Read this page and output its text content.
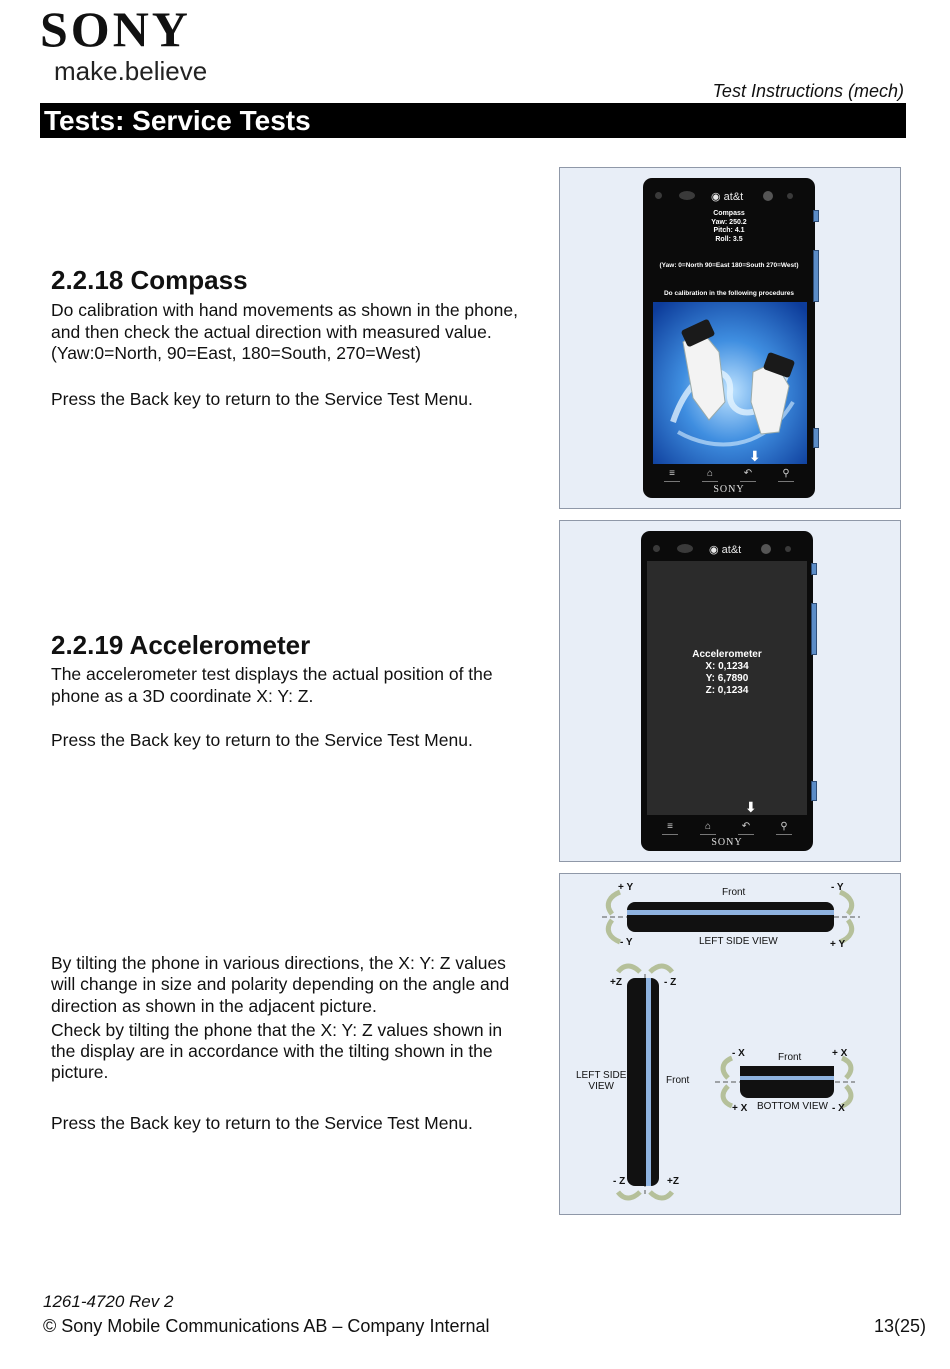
SONY
make.believe
Test Instructions (mech)
Tests: Service Tests
2.2.18 Compass
Do calibration with hand movements as shown in the phone,
and then check the actual direction with measured value.
(Yaw:0=North, 90=East, 180=South, 270=West)
Press the Back key to return to the Service Test Menu.
◉ at&t
Compass
Yaw: 250.2
Pitch: 4.1
Roll: 3.5
(Yaw: 0=North 90=East 180=South 270=West)
Do calibration in the following procedures
⬇
≡	⌂	↶	⚲
SONY
2.2.19 Accelerometer
The accelerometer test displays the actual position of the
phone as a 3D coordinate X: Y: Z.
Press the Back key to return to the Service Test Menu.
◉ at&t
Accelerometer
X: 0,1234
Y: 6,7890
Z: 0,1234
⬇
≡	⌂	↶	⚲
SONY
By tilting the phone in various directions, the X: Y: Z values
will change in size and polarity depending on the angle and
direction as shown in the adjacent picture.
Check by tilting the phone that the X: Y: Z values shown in
the display are in accordance with the tilting shown in the
picture.
Press the Back key to return to the Service Test Menu.
Front
+ Y	- Y
- Y	+ Y
LEFT SIDE VIEW
+Z	- Z
LEFT SIDE
VIEW
Front
- Z	+Z
- X	Front	+ X
+ X BOTTOM VIEW - X
1261-4720 Rev 2
© Sony Mobile Communications AB – Company Internal	13(25)
